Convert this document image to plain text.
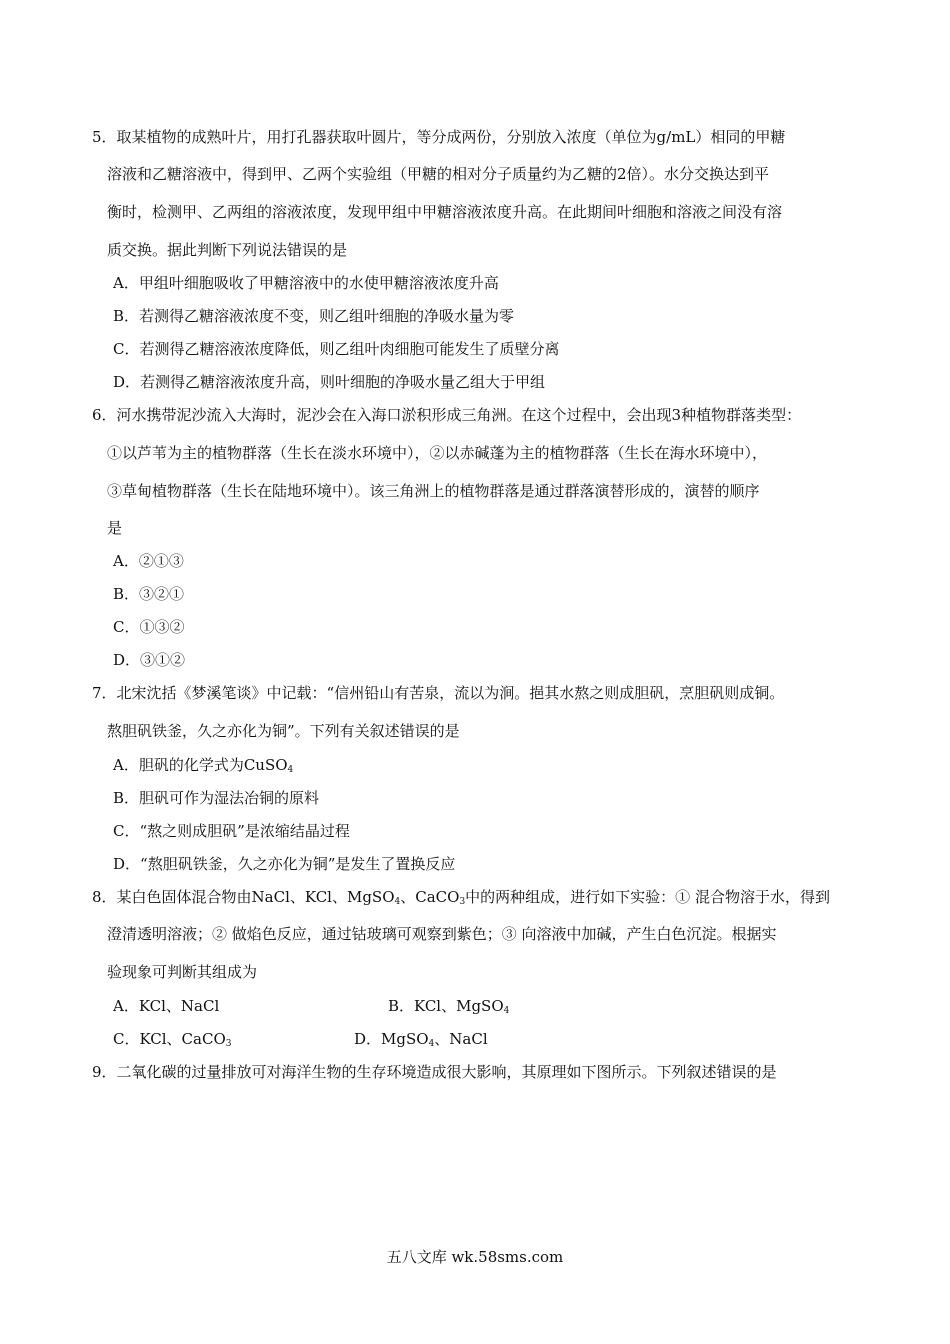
5．取某植物的成熟叶片，用打孔器获取叶圆片，等分成两份，分别放入浓度（单位为g/mL）相同的甲糖
溶液和乙糖溶液中，得到甲、乙两个实验组（甲糖的相对分子质量约为乙糖的2倍）。水分交换达到平
衡时，检测甲、乙两组的溶液浓度，发现甲组中甲糖溶液浓度升高。在此期间叶细胞和溶液之间没有溶
质交换。据此判断下列说法错误的是
A．甲组叶细胞吸收了甲糖溶液中的水使甲糖溶液浓度升高
B．若测得乙糖溶液浓度不变，则乙组叶细胞的净吸水量为零
C．若测得乙糖溶液浓度降低，则乙组叶肉细胞可能发生了质壁分离
D．若测得乙糖溶液浓度升高，则叶细胞的净吸水量乙组大于甲组
6．河水携带泥沙流入大海时，泥沙会在入海口淤积形成三角洲。在这个过程中，会出现3种植物群落类型：
①以芦苇为主的植物群落（生长在淡水环境中），②以赤碱蓬为主的植物群落（生长在海水环境中），
③草甸植物群落（生长在陆地环境中）。该三角洲上的植物群落是通过群落演替形成的，演替的顺序
是
A．②①③
B．③②①
C．①③②
D．③①②
7．北宋沈括《梦溪笔谈》中记载：“信州铅山有苦泉，流以为涧。挹其水熬之则成胆矾，烹胆矾则成铜。
熬胆矾铁釜，久之亦化为铜”。下列有关叙述错误的是
A．胆矾的化学式为CuSO$_4$
B．胆矾可作为湿法冶铜的原料
C．“熬之则成胆矾”是浓缩结晶过程
D．“熬胆矾铁釜，久之亦化为铜”是发生了置换反应
8．某白色固体混合物由NaCl、KCl、MgSO$_4$、CaCO$_3$中的两种组成，进行如下实验：① 混合物溶于水，得到
澄清透明溶液；② 做焰色反应，通过钴玻璃可观察到紫色；③ 向溶液中加碱，产生白色沉淀。根据实
验现象可判断其组成为
A．KCl、NaCl	B．KCl、MgSO$_4$
C．KCl、CaCO$_3$	D．MgSO$_4$、NaCl
9．二氧化碳的过量排放可对海洋生物的生存环境造成很大影响，其原理如下图所示。下列叙述错误的是
五八文库 wk.58sms.com
